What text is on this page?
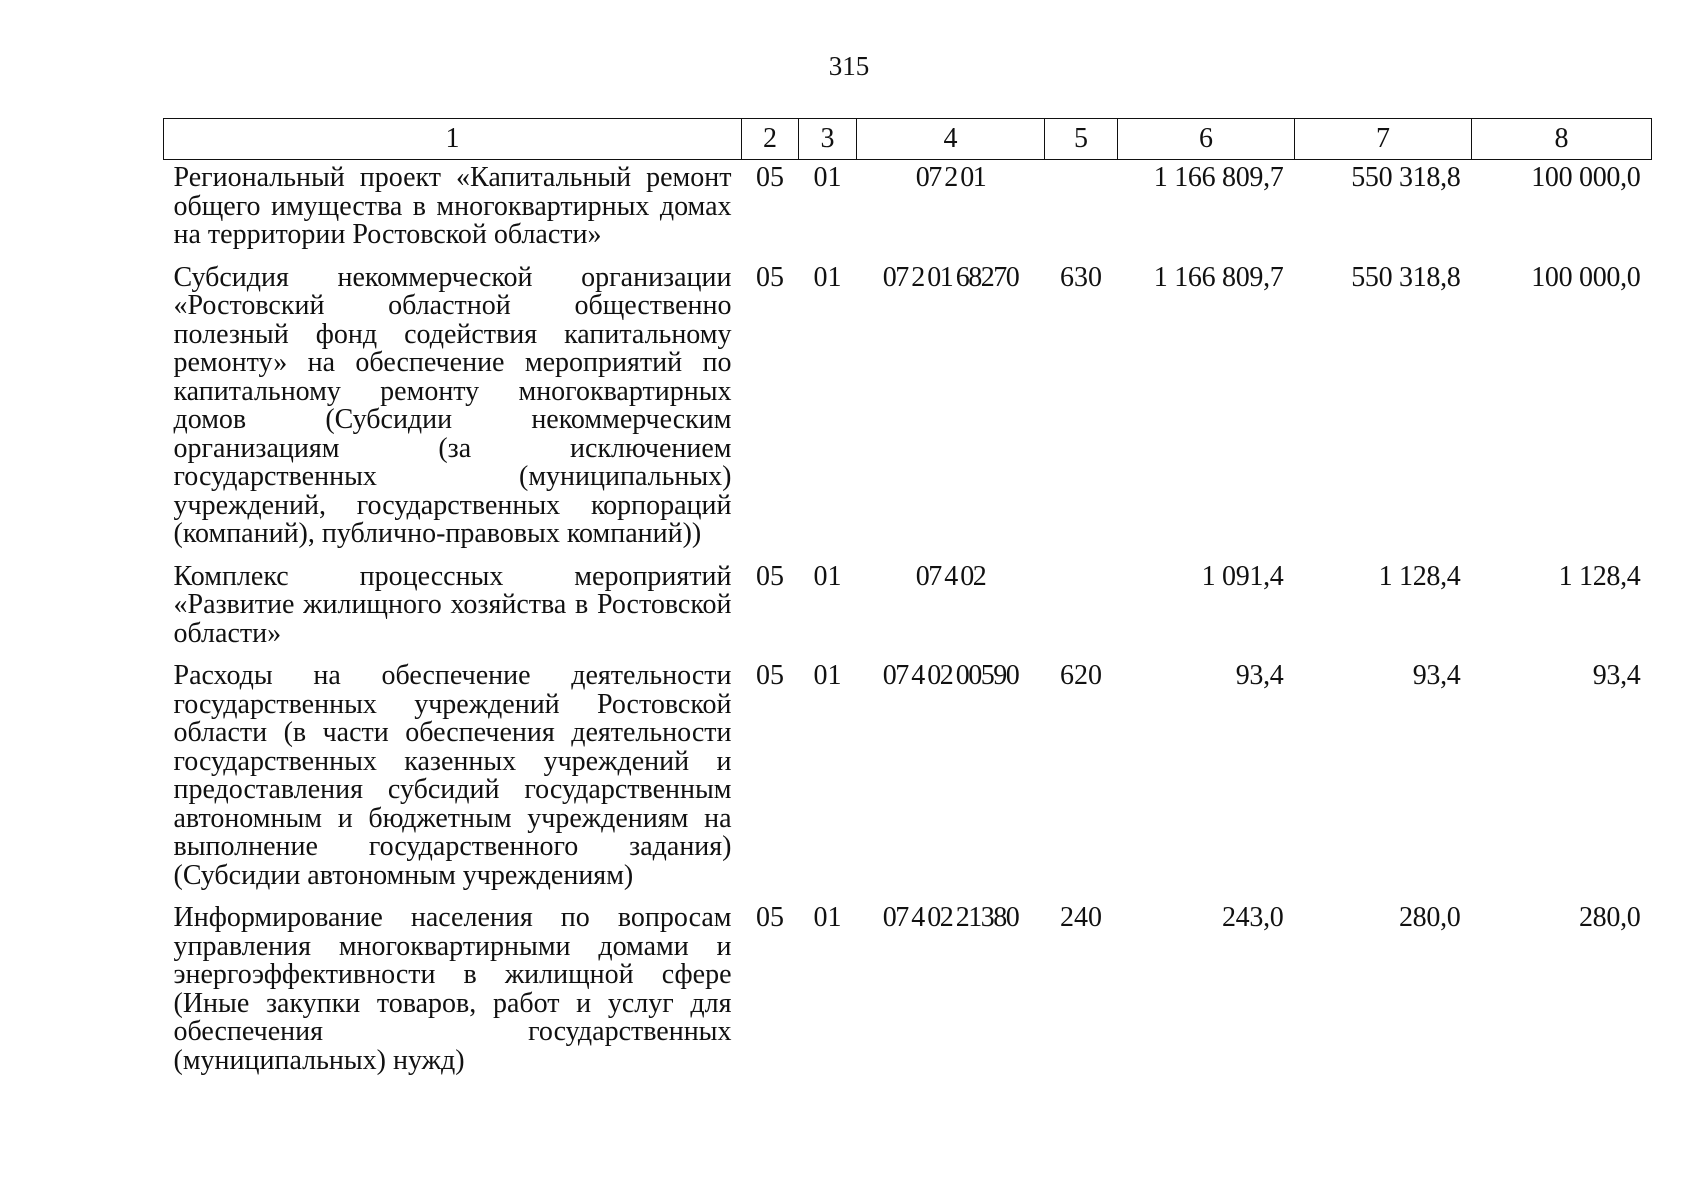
315
1	2	3	4	5	6	7	8
Региональный проект «Капитальный ремонт общего имущества в многоквартирных домах на территории Ростовской области»	05	01	07 2 01		1 166 809,7	550 318,8	100 000,0
Субсидия некоммерческой организации «Ростовский областной общественно полезный фонд содействия капитальному ремонту» на обеспечение мероприятий по капитальному ремонту многоквартирных домов (Субсидии некоммерческим организациям (за исключением государственных (муниципальных) учреждений, государственных корпораций (компаний), публично-правовых компаний))	05	01	07 2 01 68270	630	1 166 809,7	550 318,8	100 000,0
Комплекс процессных мероприятий «Развитие жилищного хозяйства в Ростовской области»	05	01	07 4 02		1 091,4	1 128,4	1 128,4
Расходы на обеспечение деятельности государственных учреждений Ростовской области (в части обеспечения деятельности государственных казенных учреждений и предоставления субсидий государственным автономным и бюджетным учреждениям на выполнение государственного задания) (Субсидии автономным учреждениям)	05	01	07 4 02 00590	620	93,4	93,4	93,4
Информирование населения по вопросам управления многоквартирными домами и энергоэффективности в жилищной сфере (Иные закупки товаров, работ и услуг для обеспечения государственных (муниципальных) нужд)	05	01	07 4 02 21380	240	243,0	280,0	280,0
